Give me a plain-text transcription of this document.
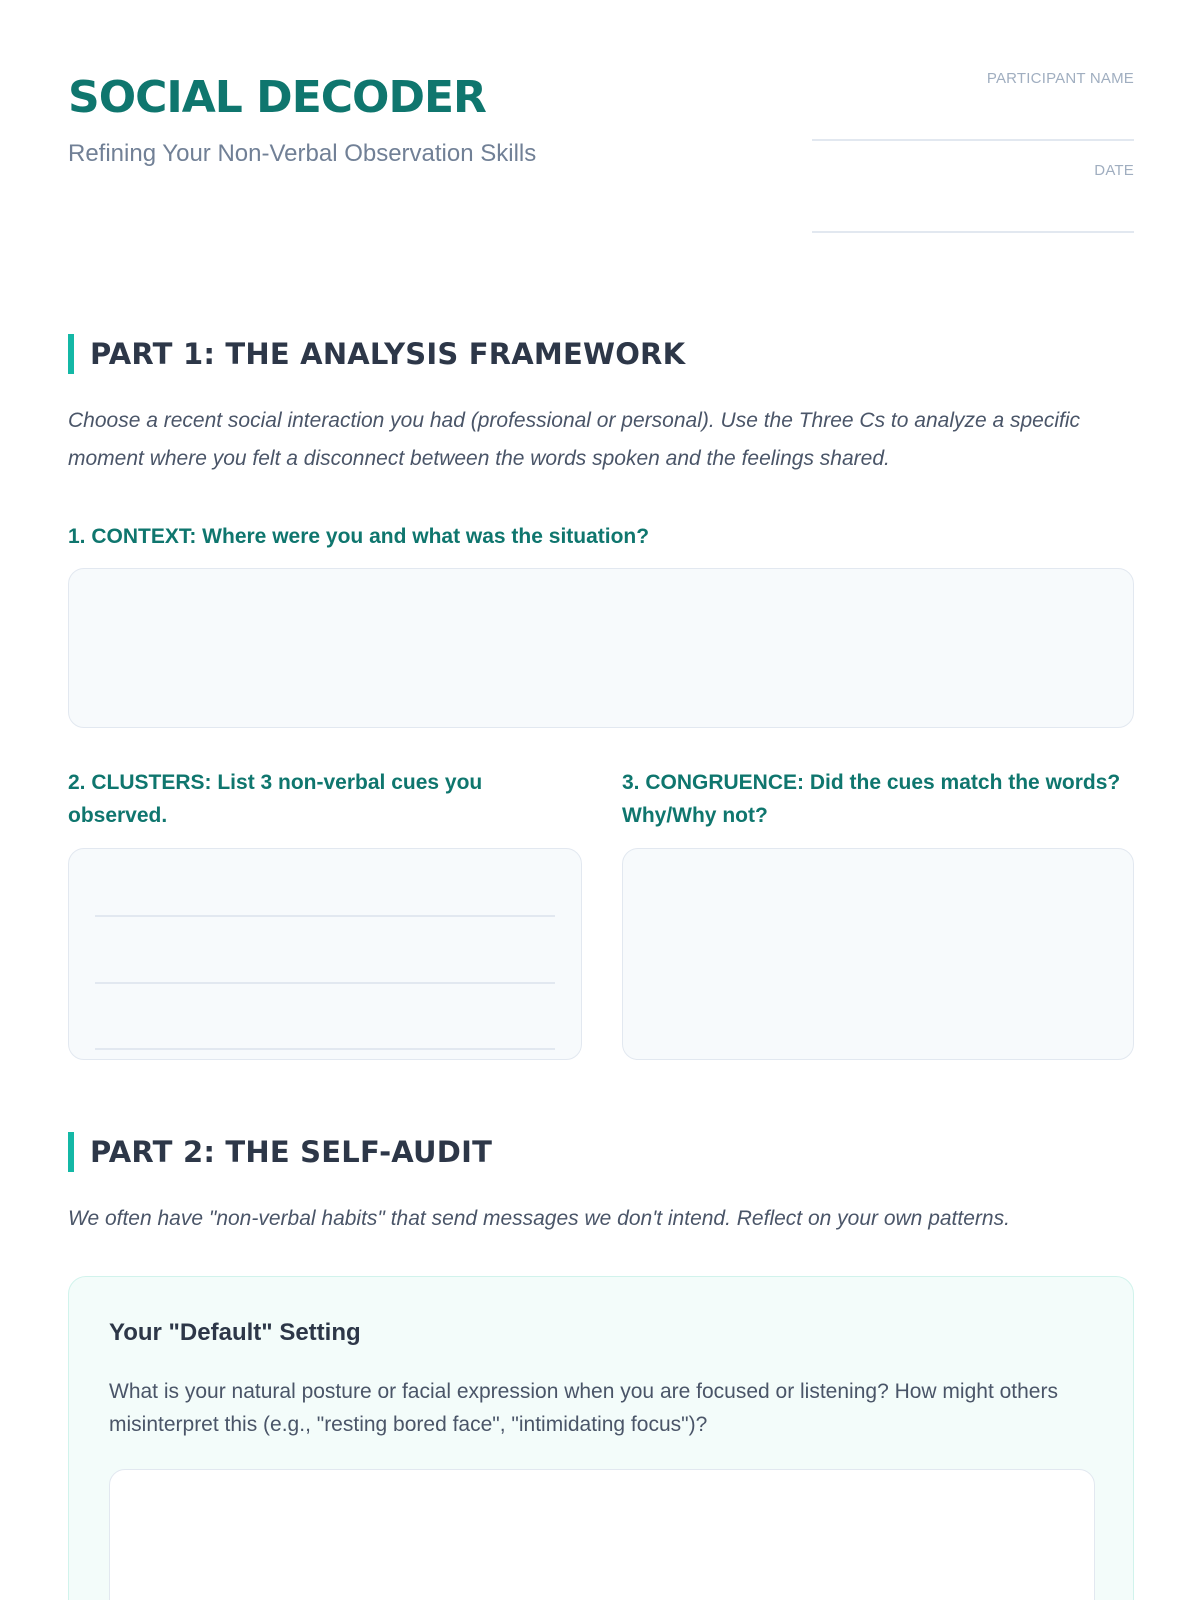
SOCIAL DECODER
Refining Your Non-Verbal Observation Skills
PARTICIPANT NAME
DATE
PART 1: THE ANALYSIS FRAMEWORK
Choose a recent social interaction you had (professional or personal). Use the Three Cs to analyze a specific moment where you felt a disconnect between the words spoken and the feelings shared.
1. CONTEXT: Where were you and what was the situation?
2. CLUSTERS: List 3 non-verbal cues you observed.
3. CONGRUENCE: Did the cues match the words? Why/Why not?
PART 2: THE SELF-AUDIT
We often have "non-verbal habits" that send messages we don't intend. Reflect on your own patterns.
Your "Default" Setting
What is your natural posture or facial expression when you are focused or listening? How might others misinterpret this (e.g., "resting bored face", "intimidating focus")?
